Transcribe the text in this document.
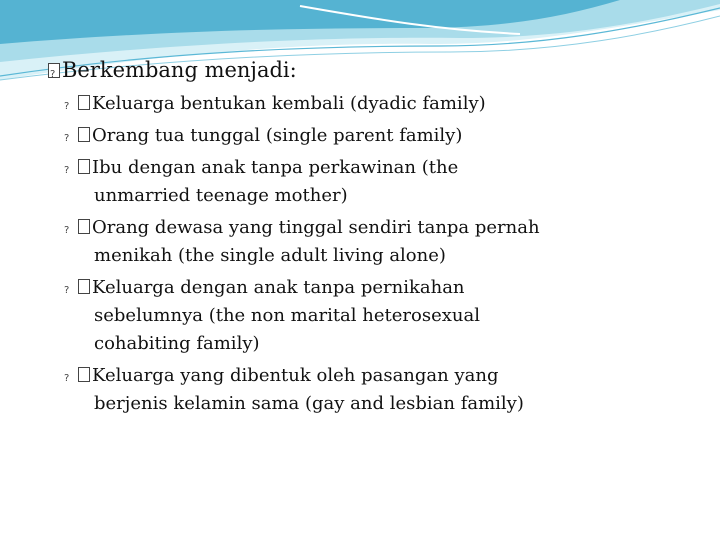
?Berkembang menjadi:
?Keluarga bentukan kembali (dyadic family)
?Orang tua tunggal (single parent family)
?Ibu dengan anak tanpa perkawinan (the
unmarried teenage mother)
?Orang dewasa yang tinggal sendiri tanpa pernah
menikah (the single adult living alone)
?Keluarga dengan anak tanpa pernikahan
sebelumnya (the non marital heterosexual
cohabiting family)
?Keluarga yang dibentuk oleh pasangan yang
berjenis kelamin sama (gay and lesbian family)
